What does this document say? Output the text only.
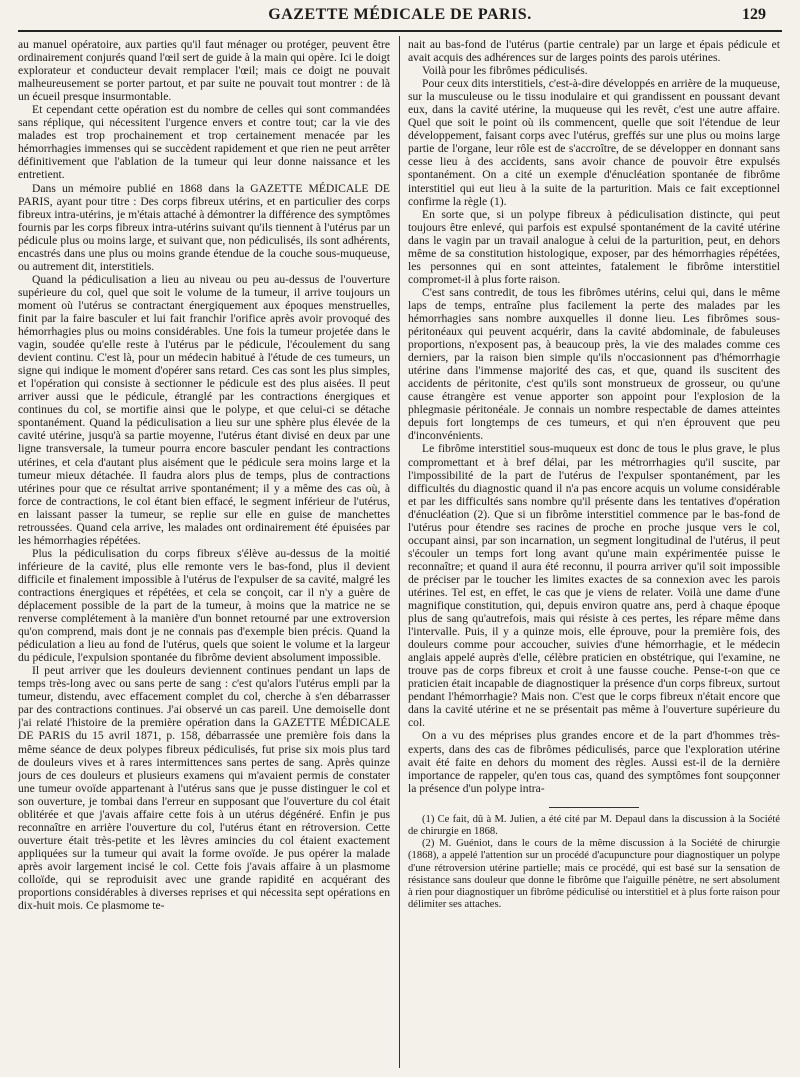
GAZETTE MÉDICALE DE PARIS.	129

au manuel opératoire, aux parties qu'il faut ménager ou protéger, peuvent être ordinairement conjurés quand l'œil sert de guide à la main qui opère. Ici le doigt explorateur et conducteur devait remplacer l'œil; mais ce doigt ne pouvait malheureusement se porter partout, et par suite ne pouvait tout montrer : de là un écueil presque insurmontable.

Et cependant cette opération est du nombre de celles qui sont commandées sans réplique, qui nécessitent l'urgence envers et contre tout; car la vie des malades est trop prochainement et trop certainement menacée par les hémorrhagies immenses qui se succèdent rapidement et que rien ne peut arrêter définitivement que l'ablation de la tumeur qui leur donne naissance et les entretient.

Dans un mémoire publié en 1868 dans la GAZETTE MÉDICALE DE PARIS, ayant pour titre : Des corps fibreux utérins, et en particulier des corps fibreux intra-utérins, je m'étais attaché à démontrer la différence des symptômes fournis par les corps fibreux intra-utérins suivant qu'ils tiennent à l'utérus par un pédicule plus ou moins large, et suivant que, non pédiculisés, ils sont adhérents, encastrés dans une plus ou moins grande étendue de la couche sous-muqueuse, ou autrement dit, interstitiels.

Quand la pédiculisation a lieu au niveau ou peu au-dessus de l'ouverture supérieure du col, quel que soit le volume de la tumeur, il arrive toujours un moment où l'utérus se contractant énergiquement aux époques menstruelles, finit par la faire basculer et lui fait franchir l'orifice après avoir provoqué des hémorrhagies plus ou moins considérables. Une fois la tumeur projetée dans le vagin, soudée qu'elle reste à l'utérus par le pédicule, l'écoulement du sang devient continu. C'est là, pour un médecin habitué à l'étude de ces tumeurs, un signe qui indique le moment d'opérer sans retard. Ces cas sont les plus simples, et l'opération qui consiste à sectionner le pédicule est des plus aisées. Il peut arriver aussi que le pédicule, étranglé par les contractions énergiques et continues du col, se mortifie ainsi que le polype, et que celui-ci se détache spontanément. Quand la pédiculisation a lieu sur une sphère plus élevée de la cavité utérine, jusqu'à sa partie moyenne, l'utérus étant divisé en deux par une ligne transversale, la tumeur pourra encore basculer pendant les contractions utérines, et cela d'autant plus aisément que le pédicule sera moins large et la tumeur mieux détachée. Il faudra alors plus de temps, plus de contractions utérines pour que ce résultat arrive spontanément; il y a même des cas où, à force de contractions, le col étant bien effacé, le segment inférieur de l'utérus, en laissant passer la tumeur, se replie sur elle en guise de manchettes retroussées. Quand cela arrive, les malades ont ordinairement été épuisées par les hémorrhagies répétées.

Plus la pédiculisation du corps fibreux s'élève au-dessus de la moitié inférieure de la cavité, plus elle remonte vers le bas-fond, plus il devient difficile et finalement impossible à l'utérus de l'expulser de sa cavité, malgré les contractions énergiques et répétées, et cela se conçoit, car il n'y a guère de déplacement possible de la part de la tumeur, à moins que la matrice ne se renverse complétement à la manière d'un bonnet retourné par une extroversion qu'on comprend, mais dont je ne connais pas d'exemple bien précis. Quand la pédiculation a lieu au fond de l'utérus, quels que soient le volume et la largeur du pédicule, l'expulsion spontanée du fibrôme devient absolument impossible.

Il peut arriver que les douleurs deviennent continues pendant un laps de temps très-long avec ou sans perte de sang : c'est qu'alors l'utérus empli par la tumeur, distendu, avec effacement complet du col, cherche à s'en débarrasser par des contractions continues. J'ai observé un cas pareil. Une demoiselle dont j'ai relaté l'histoire de la première opération dans la GAZETTE MÉDICALE DE PARIS du 15 avril 1871, p. 158, débarrassée une première fois dans la même séance de deux polypes fibreux pédiculisés, fut prise six mois plus tard de douleurs vives et à rares intermittences sans pertes de sang. Après quinze jours de ces douleurs et plusieurs examens qui m'avaient permis de constater une tumeur ovoïde appartenant à l'utérus sans que je pusse distinguer le col et son ouverture, je tombai dans l'erreur en supposant que l'ouverture du col était oblitérée et que j'avais affaire cette fois à un utérus dégénéré. Enfin je pus reconnaître en arrière l'ouverture du col, l'utérus étant en rétroversion. Cette ouverture était très-petite et les lèvres amincies du col étaient exactement appliquées sur la tumeur qui avait la forme ovoïde. Je pus opérer la malade après avoir largement incisé le col. Cette fois j'avais affaire à un plasmome colloïde, qui se reproduisit avec une grande rapidité en acquérant des proportions considérables à diverses reprises et qui nécessita sept opérations en dix-huit mois. Ce plasmome te-

nait au bas-fond de l'utérus (partie centrale) par un large et épais pédicule et avait acquis des adhérences sur de larges points des parois utérines.

Voilà pour les fibrômes pédiculisés.

Pour ceux dits interstitiels, c'est-à-dire développés en arrière de la muqueuse, sur la musculeuse ou le tissu inodulaire et qui grandissent en poussant devant eux, dans la cavité utérine, la muqueuse qui les revêt, c'est une autre affaire. Quel que soit le point où ils commencent, quelle que soit l'étendue de leur développement, faisant corps avec l'utérus, greffés sur une plus ou moins large partie de l'organe, leur rôle est de s'accroître, de se développer en donnant sans cesse lieu à des accidents, sans avoir chance de pouvoir être expulsés spontanément. On a cité un exemple d'énucléation spontanée de fibrôme interstitiel qui eut lieu à la suite de la parturition. Mais ce fait exceptionnel confirme la règle (1).

En sorte que, si un polype fibreux à pédiculisation distincte, qui peut toujours être enlevé, qui parfois est expulsé spontanément de la cavité utérine dans le vagin par un travail analogue à celui de la parturition, peut, en dehors même de sa constitution histologique, exposer, par des hémorrhagies répétées, les personnes qui en sont atteintes, fatalement le fibrôme interstitiel compromet-il à plus forte raison.

C'est sans contredit, de tous les fibrômes utérins, celui qui, dans le même laps de temps, entraîne plus facilement la perte des malades par les hémorrhagies sans nombre auxquelles il donne lieu. Les fibrômes sous-péritonéaux qui peuvent acquérir, dans la cavité abdominale, de fabuleuses proportions, n'exposent pas, à beaucoup près, la vie des malades comme ces derniers, par la raison bien simple qu'ils n'occasionnent pas d'hémorrhagie utérine dans l'immense majorité des cas, et que, quand ils suscitent des accidents de péritonite, c'est qu'ils sont monstrueux de grosseur, ou qu'une cause étrangère est venue apporter son appoint pour l'explosion de la phlegmasie péritonéale. Je connais un nombre respectable de dames atteintes depuis fort longtemps de ces tumeurs, et qui n'en éprouvent que peu d'inconvénients.

Le fibrôme interstitiel sous-muqueux est donc de tous le plus grave, le plus compromettant et à bref délai, par les métrorrhagies qu'il suscite, par l'impossibilité de la part de l'utérus de l'expulser spontanément, par les difficultés du diagnostic quand il n'a pas encore acquis un volume considérable et par les difficultés sans nombre qu'il présente dans les tentatives d'opération d'énucléation (2). Que si un fibrôme interstitiel commence par le bas-fond de l'utérus pour étendre ses racines de proche en proche jusque vers le col, occupant ainsi, par son incarnation, un segment longitudinal de l'utérus, il peut s'écouler un temps fort long avant qu'une main expérimentée puisse le reconnaître; et quand il aura été reconnu, il pourra arriver qu'il soit impossible de préciser par le toucher les limites exactes de sa connexion avec les parois utérines. Tel est, en effet, le cas que je viens de relater. Voilà une dame d'une magnifique constitution, qui, depuis environ quatre ans, perd à chaque époque plus de sang qu'autrefois, mais qui résiste à ces pertes, les répare même dans l'intervalle. Puis, il y a quinze mois, elle éprouve, pour la première fois, des douleurs comme pour accoucher, suivies d'une hémorrhagie, et le médecin anglais appelé auprès d'elle, célèbre praticien en obstétrique, qui l'examine, ne trouve pas de corps fibreux et croit à une fausse couche. Pense-t-on que ce praticien était incapable de diagnostiquer la présence d'un corps fibreux, surtout pendant l'hémorrhagie? Mais non. C'est que le corps fibreux n'était encore que dans la cavité utérine et ne se présentait pas même à l'ouverture supérieure du col.

On a vu des méprises plus grandes encore et de la part d'hommes très-experts, dans des cas de fibrômes pédiculisés, parce que l'exploration utérine avait été faite en dehors du moment des règles. Aussi est-il de la dernière importance de rappeler, qu'en tous cas, quand des symptômes font soupçonner la présence d'un polype intra-

(1) Ce fait, dû à M. Julien, a été cité par M. Depaul dans la discussion à la Société de chirurgie en 1868.

(2) M. Guéniot, dans le cours de la même discussion à la Société de chirurgie (1868), a appelé l'attention sur un procédé d'acupuncture pour diagnostiquer un polype d'une rétroversion utérine partielle; mais ce procédé, qui est basé sur la sensation de résistance sans douleur que donne le fibrôme que l'aiguille pénètre, ne sert absolument à rien pour diagnostiquer un fibrôme pédiculisé ou interstitiel et à plus forte raison pour délimiter ses attaches.
